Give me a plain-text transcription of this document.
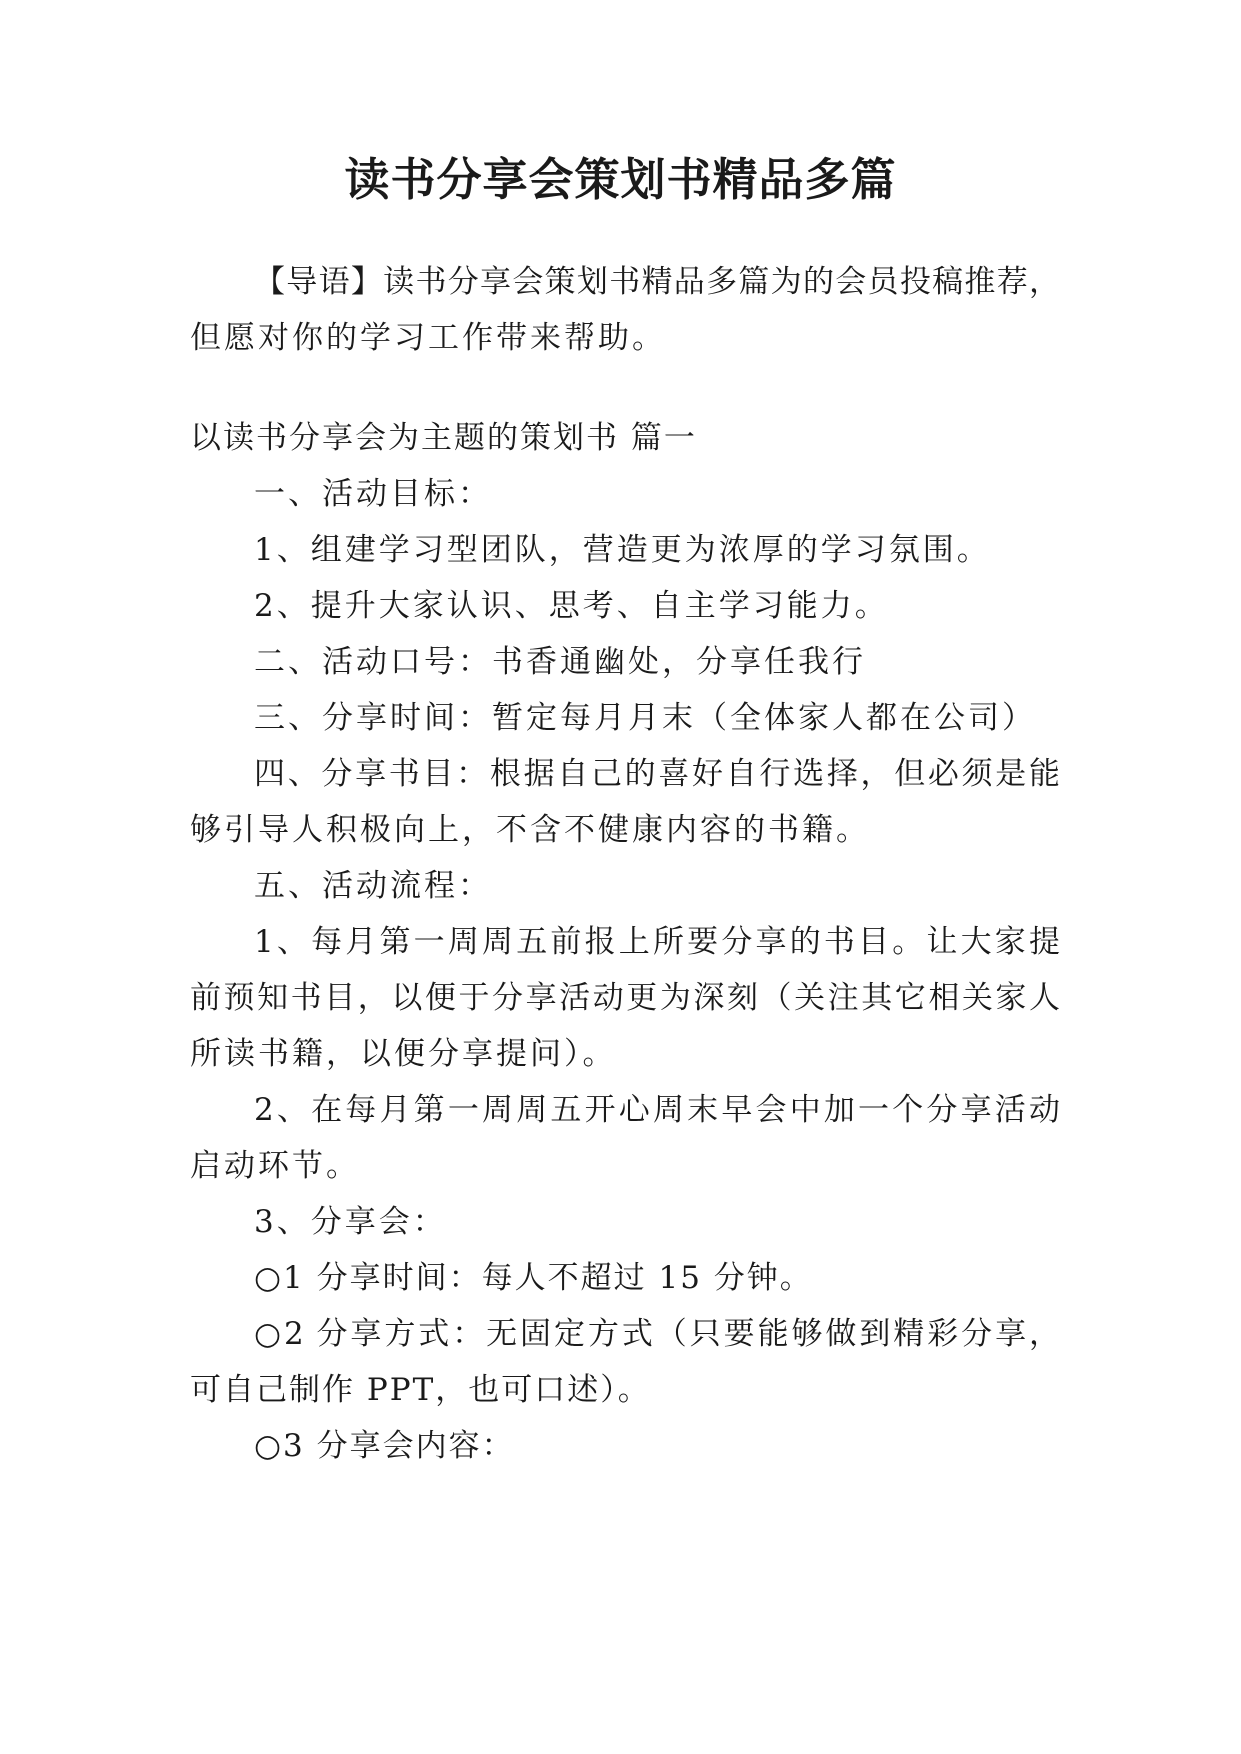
读书分享会策划书精品多篇
【导语】读书分享会策划书精品多篇为的会员投稿推荐，
但愿对你的学习工作带来帮助。
以读书分享会为主题的策划书 篇一
一、活动目标：
1、组建学习型团队，营造更为浓厚的学习氛围。
2、提升大家认识、思考、自主学习能力。
二、活动口号：书香通幽处，分享任我行
三、分享时间：暂定每月月末（全体家人都在公司）
四、分享书目：根据自己的喜好自行选择，但必须是能
够引导人积极向上，不含不健康内容的书籍。
五、活动流程：
1、每月第一周周五前报上所要分享的书目。让大家提
前预知书目，以便于分享活动更为深刻（关注其它相关家人
所读书籍，以便分享提问）。
2、在每月第一周周五开心周末早会中加一个分享活动
启动环节。
3、分享会：
○1 分享时间：每人不超过 15 分钟。
○2 分享方式：无固定方式（只要能够做到精彩分享，
可自己制作 PPT，也可口述）。
○3 分享会内容：
